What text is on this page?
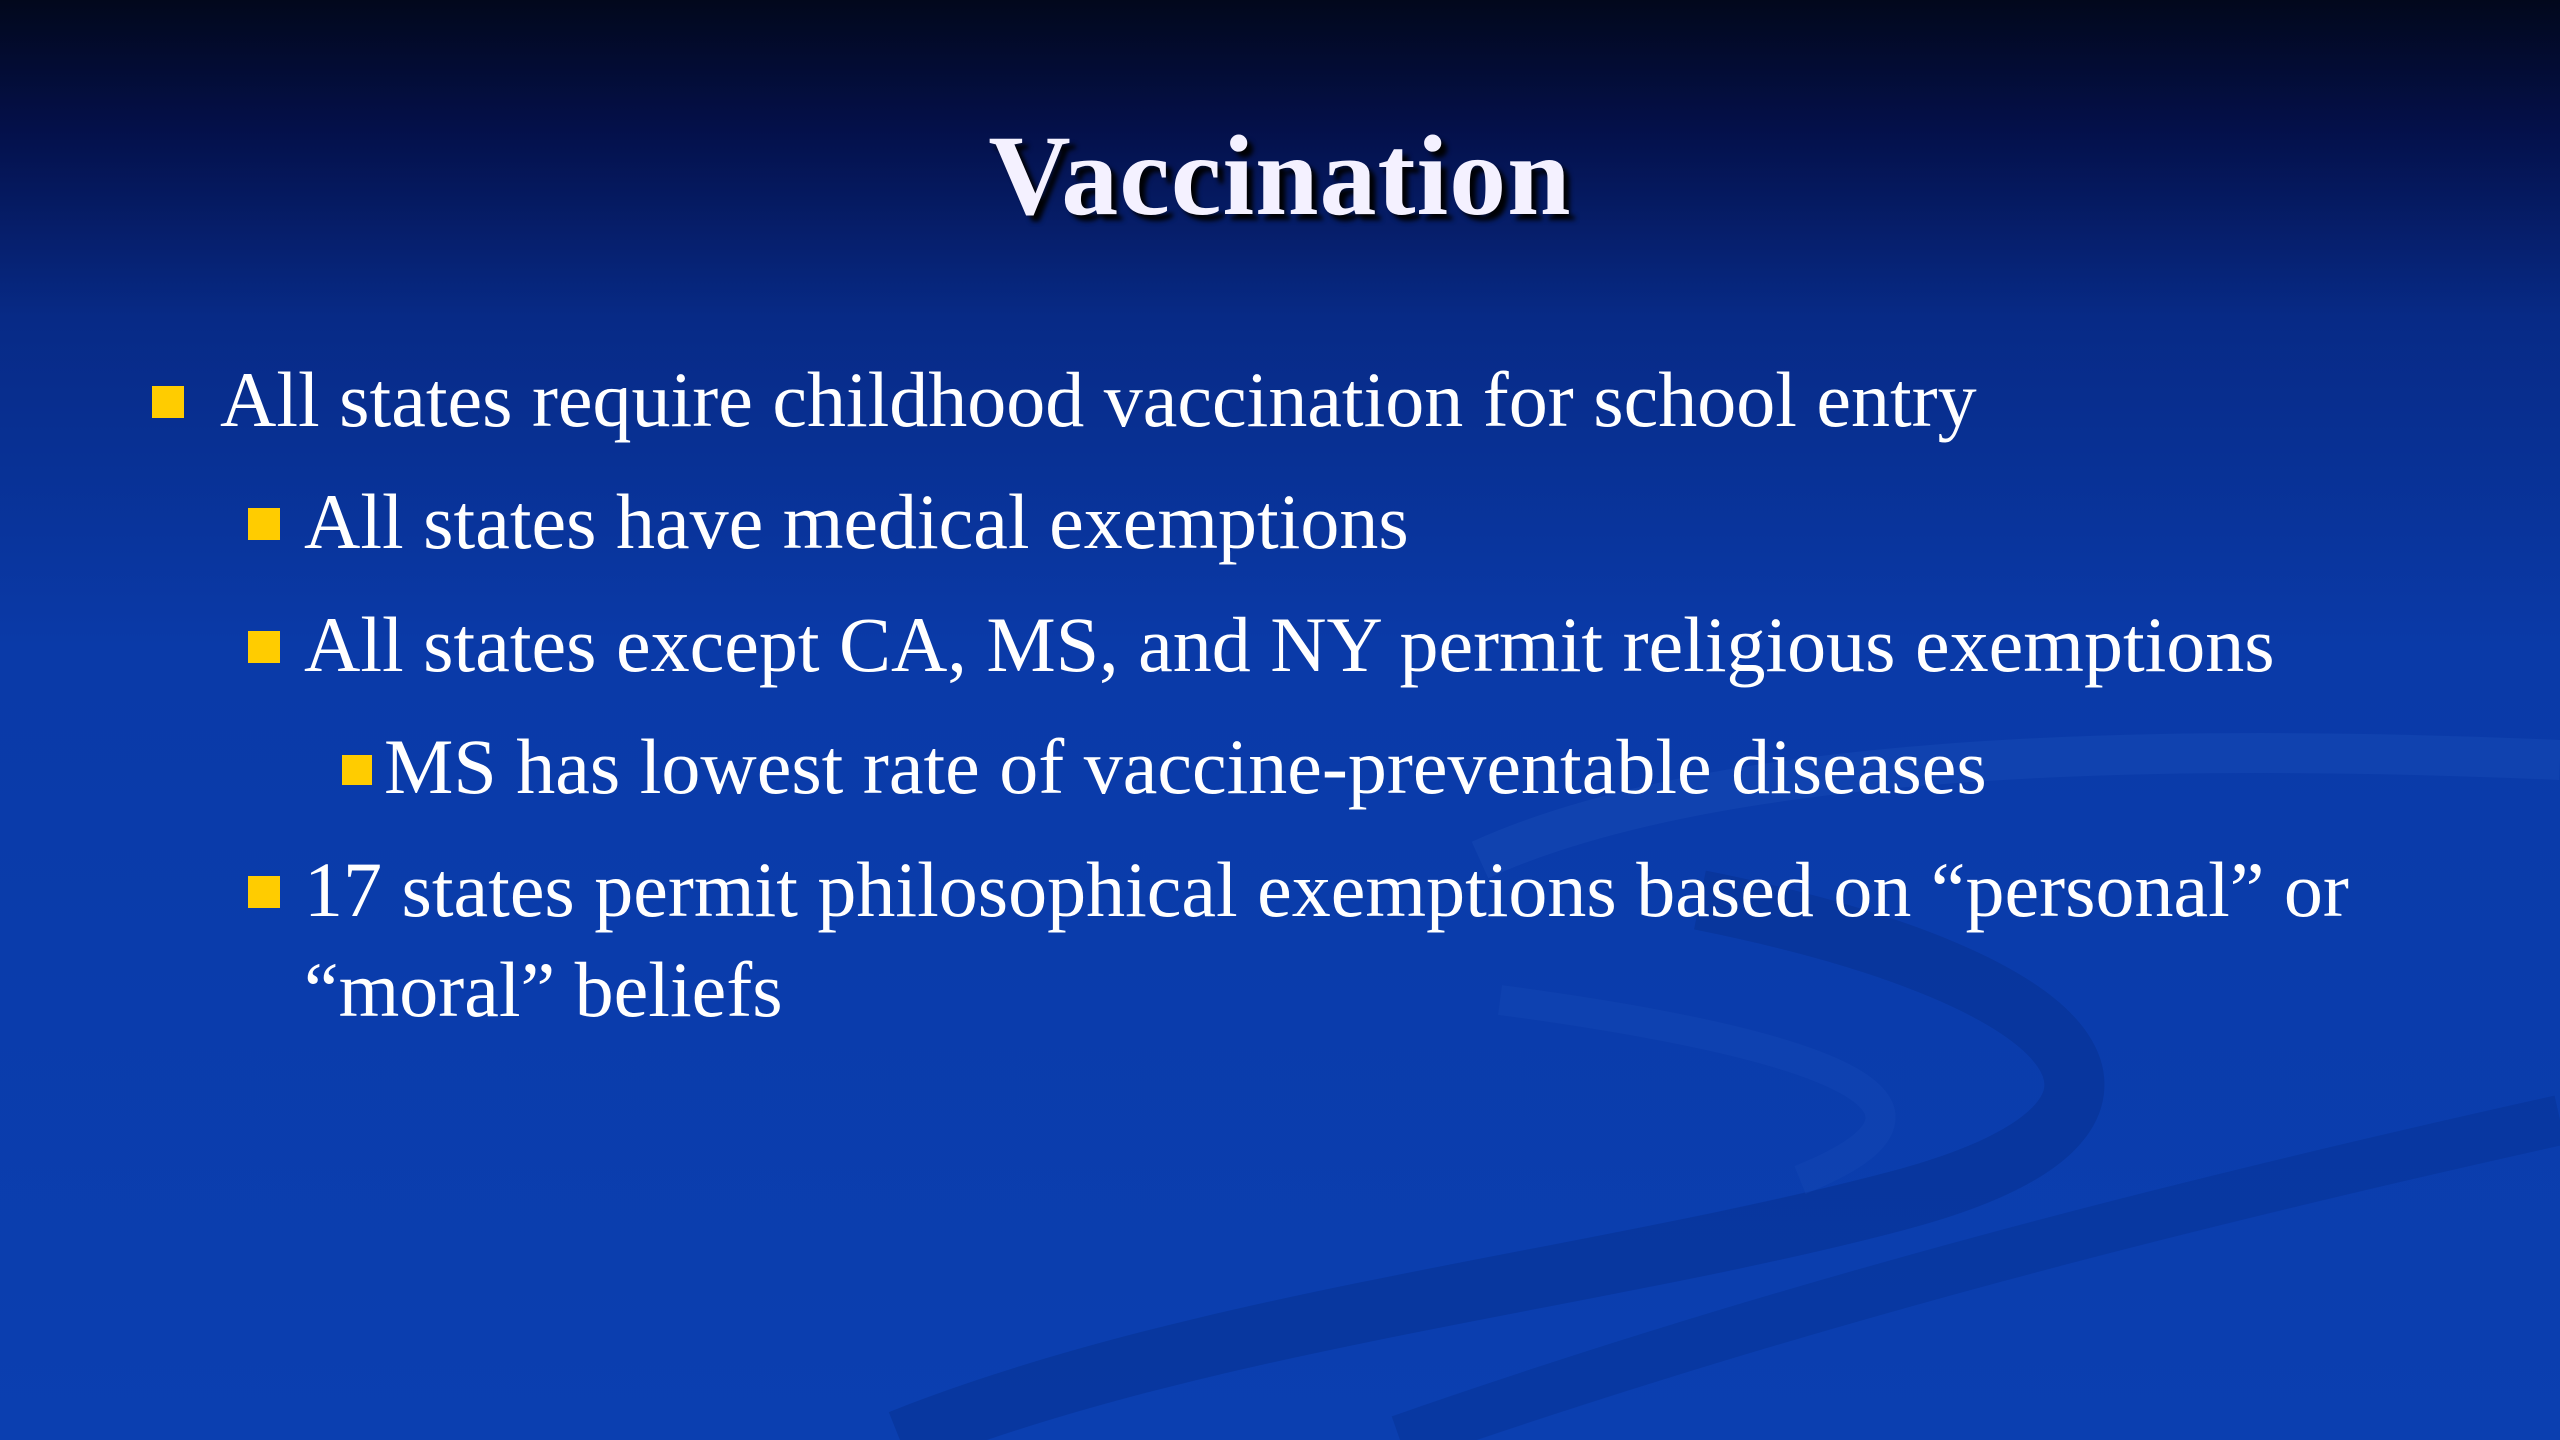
Vaccination
All states require childhood vaccination for school entry
All states have medical exemptions
All states except CA, MS, and NY permit religious exemptions
MS has lowest rate of vaccine-preventable diseases
17 states permit philosophical exemptions based on “personal” or “moral” beliefs
